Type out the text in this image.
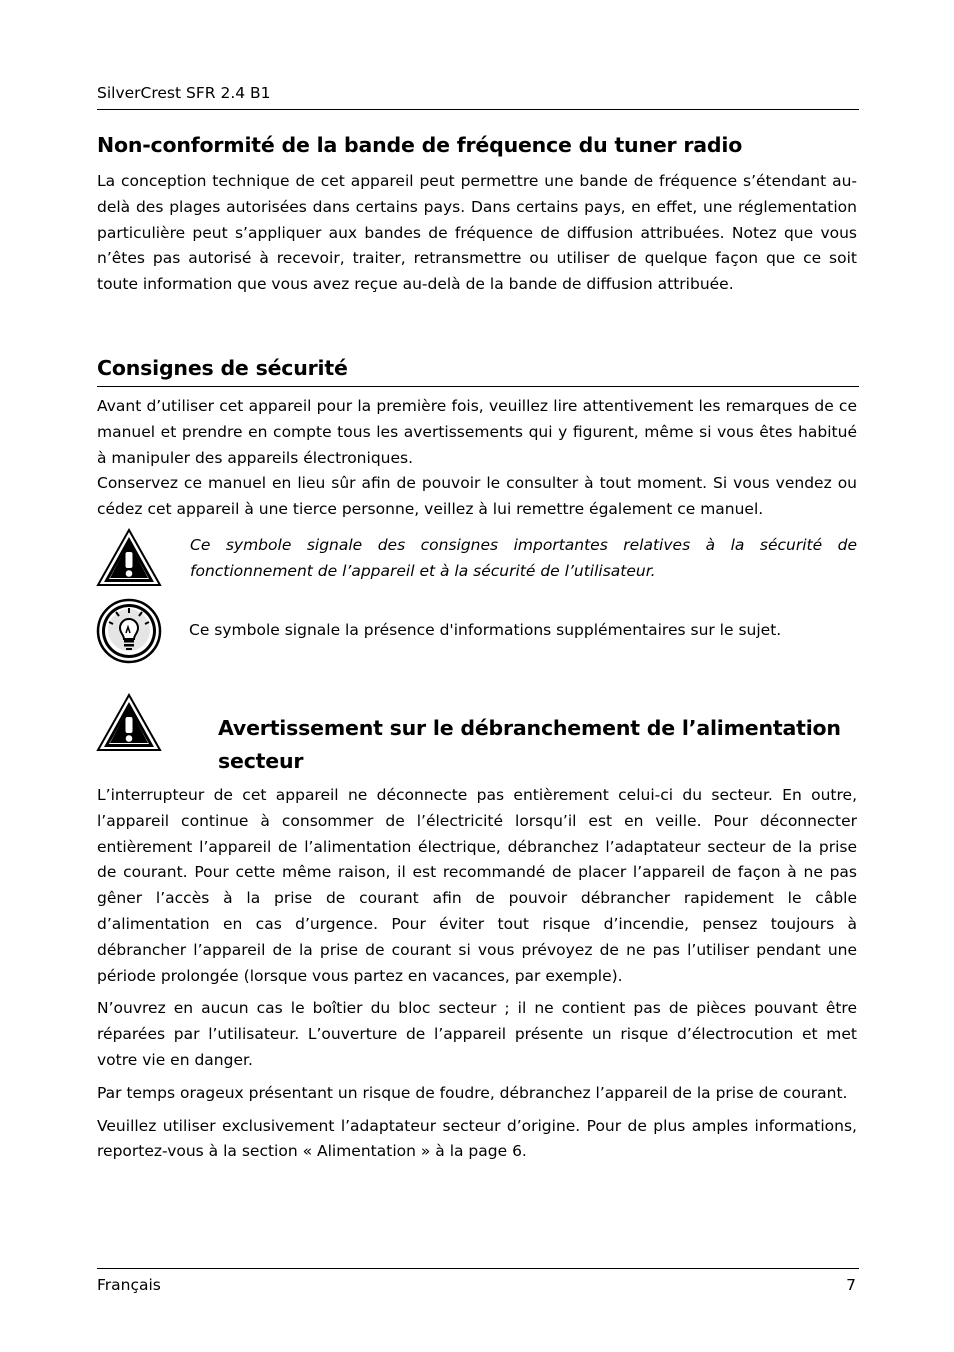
SilverCrest SFR 2.4 B1
Non-conformité de la bande de fréquence du tuner radio

La conception technique de cet appareil peut permettre une bande de fréquence s’étendant au-delà des plages autorisées dans certains pays. Dans certains pays, en effet, une réglementation particulière peut s’appliquer aux bandes de fréquence de diffusion attribuées. Notez que vous n’êtes pas autorisé à recevoir, traiter, retransmettre ou utiliser de quelque façon que ce soit toute information que vous avez reçue au-delà de la bande de diffusion attribuée.

Consignes de sécurité

Avant d’utiliser cet appareil pour la première fois, veuillez lire attentivement les remarques de ce manuel et prendre en compte tous les avertissements qui y figurent, même si vous êtes habitué à manipuler des appareils électroniques.

Conservez ce manuel en lieu sûr afin de pouvoir le consulter à tout moment. Si vous vendez ou cédez cet appareil à une tierce personne, veillez à lui remettre également ce manuel.

Ce symbole signale des consignes importantes relatives à la sécurité de fonctionnement de l’appareil et à la sécurité de l’utilisateur.

Ce symbole signale la présence d'informations supplémentaires sur le sujet.

Avertissement sur le débranchement de l’alimentation secteur

L’interrupteur de cet appareil ne déconnecte pas entièrement celui-ci du secteur. En outre, l’appareil continue à consommer de l’électricité lorsqu’il est en veille. Pour déconnecter entièrement l’appareil de l’alimentation électrique, débranchez l’adaptateur secteur de la prise de courant. Pour cette même raison, il est recommandé de placer l’appareil de façon à ne pas gêner l’accès à la prise de courant afin de pouvoir débrancher rapidement le câble d’alimentation en cas d’urgence. Pour éviter tout risque d’incendie, pensez toujours à débrancher l’appareil de la prise de courant si vous prévoyez de ne pas l’utiliser pendant une période prolongée (lorsque vous partez en vacances, par exemple).

N’ouvrez en aucun cas le boîtier du bloc secteur ; il ne contient pas de pièces pouvant être réparées par l’utilisateur. L’ouverture de l’appareil présente un risque d’électrocution et met votre vie en danger.

Par temps orageux présentant un risque de foudre, débranchez l’appareil de la prise de courant.

Veuillez utiliser exclusivement l’adaptateur secteur d’origine. Pour de plus amples informations, reportez-vous à la section « Alimentation » à la page 6.

Français	7
